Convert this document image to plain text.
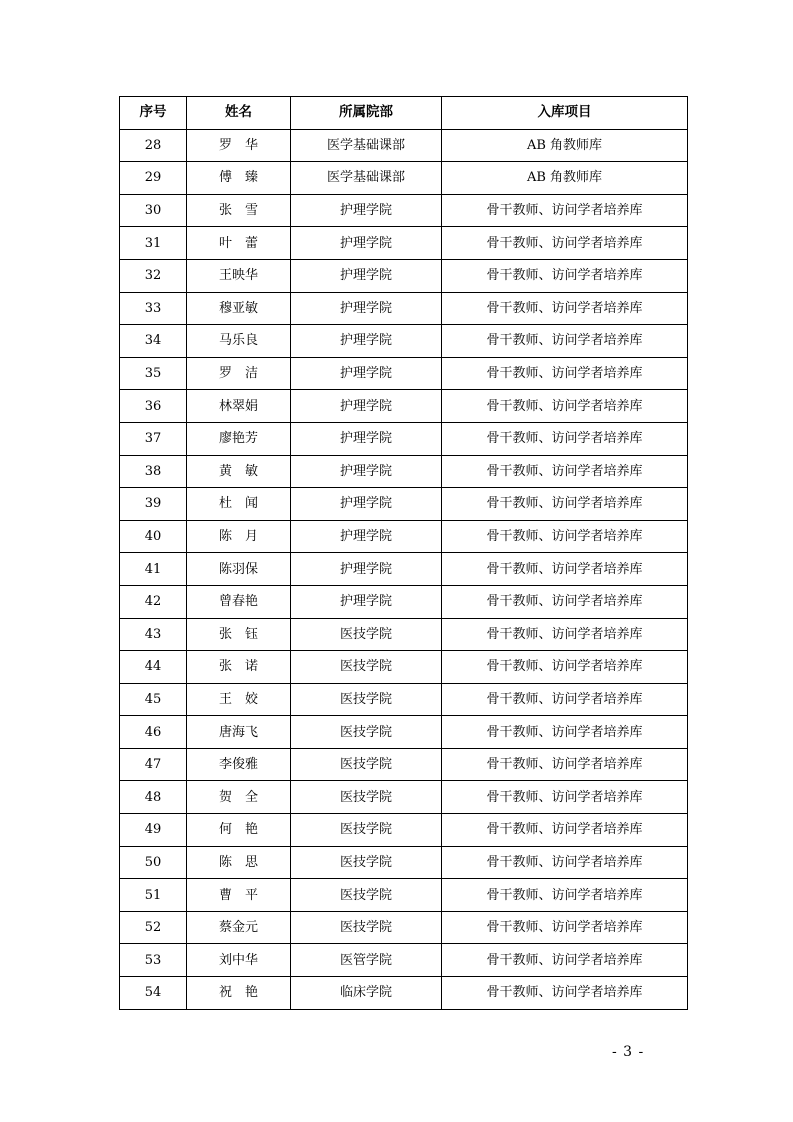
序号	姓名	所属院部	入库项目
28	罗　华	医学基础课部	AB 角教师库
29	傅　臻	医学基础课部	AB 角教师库
30	张　雪	护理学院	骨干教师、访问学者培养库
31	叶　蕾	护理学院	骨干教师、访问学者培养库
32	王映华	护理学院	骨干教师、访问学者培养库
33	穆亚敏	护理学院	骨干教师、访问学者培养库
34	马乐良	护理学院	骨干教师、访问学者培养库
35	罗　洁	护理学院	骨干教师、访问学者培养库
36	林翠娟	护理学院	骨干教师、访问学者培养库
37	廖艳芳	护理学院	骨干教师、访问学者培养库
38	黄　敏	护理学院	骨干教师、访问学者培养库
39	杜　闻	护理学院	骨干教师、访问学者培养库
40	陈　月	护理学院	骨干教师、访问学者培养库
41	陈羽保	护理学院	骨干教师、访问学者培养库
42	曾春艳	护理学院	骨干教师、访问学者培养库
43	张　钰	医技学院	骨干教师、访问学者培养库
44	张　诺	医技学院	骨干教师、访问学者培养库
45	王　姣	医技学院	骨干教师、访问学者培养库
46	唐海飞	医技学院	骨干教师、访问学者培养库
47	李俊雅	医技学院	骨干教师、访问学者培养库
48	贺　全	医技学院	骨干教师、访问学者培养库
49	何　艳	医技学院	骨干教师、访问学者培养库
50	陈　思	医技学院	骨干教师、访问学者培养库
51	曹　平	医技学院	骨干教师、访问学者培养库
52	蔡金元	医技学院	骨干教师、访问学者培养库
53	刘中华	医管学院	骨干教师、访问学者培养库
54	祝　艳	临床学院	骨干教师、访问学者培养库
- 3 -
